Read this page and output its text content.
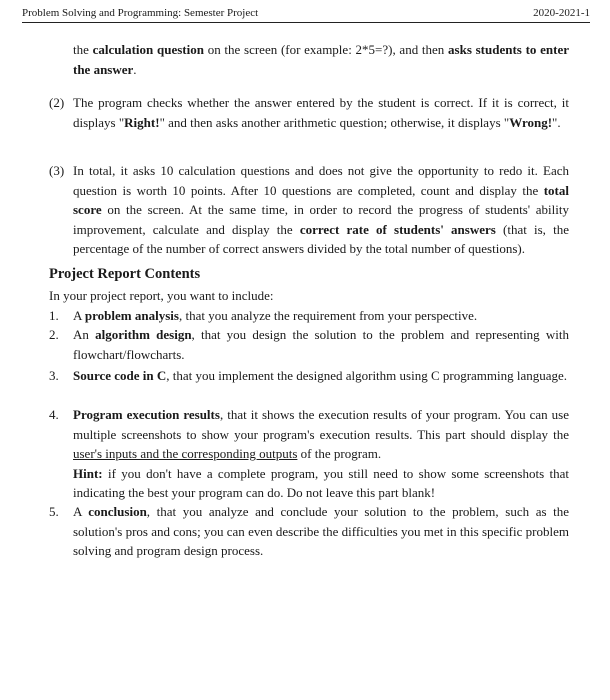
Problem Solving and Programming: Semester Project	2020-2021-1
the calculation question on the screen (for example: 2*5=?), and then asks students to enter the answer.
(2) The program checks whether the answer entered by the student is correct. If it is correct, it displays "Right!" and then asks another arithmetic question; otherwise, it displays "Wrong!".
(3) In total, it asks 10 calculation questions and does not give the opportunity to redo it. Each question is worth 10 points. After 10 questions are completed, count and display the total score on the screen. At the same time, in order to record the progress of students' ability improvement, calculate and display the correct rate of students' answers (that is, the percentage of the number of correct answers divided by the total number of questions).
Project Report Contents
In your project report, you want to include:
1. A problem analysis, that you analyze the requirement from your perspective.
2. An algorithm design, that you design the solution to the problem and representing with flowchart/flowcharts.
3. Source code in C, that you implement the designed algorithm using C programming language.
4. Program execution results, that it shows the execution results of your program. You can use multiple screenshots to show your program's execution results. This part should display the user's inputs and the corresponding outputs of the program.
Hint: if you don't have a complete program, you still need to show some screenshots that indicating the best your program can do. Do not leave this part blank!
5. A conclusion, that you analyze and conclude your solution to the problem, such as the solution's pros and cons; you can even describe the difficulties you met in this specific problem solving and program design process.
